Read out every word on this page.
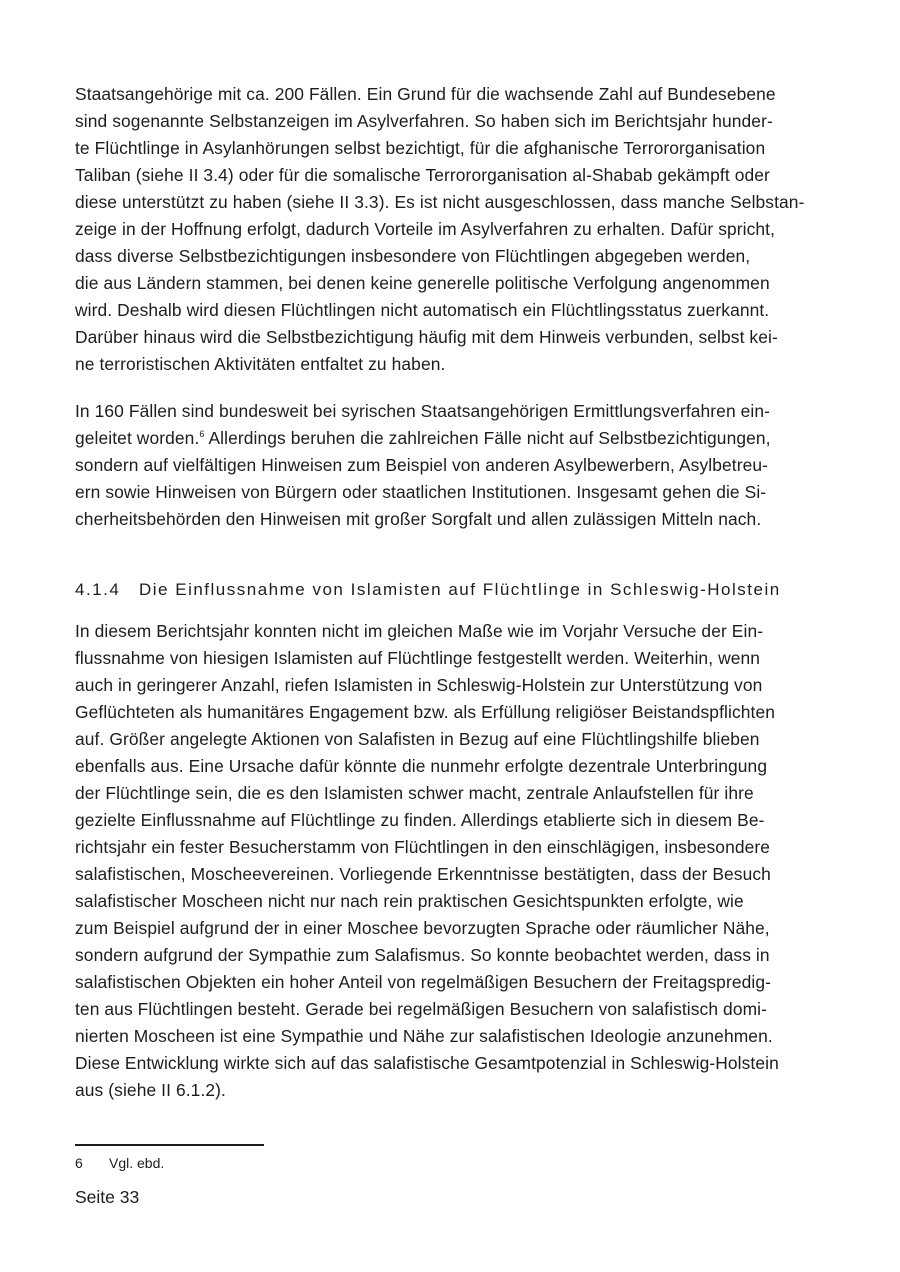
Staatsangehörige mit ca. 200 Fällen. Ein Grund für die wachsende Zahl auf Bundesebene
sind sogenannte Selbstanzeigen im Asylverfahren. So haben sich im Berichtsjahr hunder-
te Flüchtlinge in Asylanhörungen selbst bezichtigt, für die afghanische Terrororganisation
Taliban (siehe II 3.4) oder für die somalische Terrororganisation al-Shabab gekämpft oder
diese unterstützt zu haben (siehe II 3.3). Es ist nicht ausgeschlossen, dass manche Selbstan-
zeige in der Hoffnung erfolgt, dadurch Vorteile im Asylverfahren zu erhalten. Dafür spricht,
dass diverse Selbstbezichtigungen insbesondere von Flüchtlingen abgegeben werden,
die aus Ländern stammen, bei denen keine generelle politische Verfolgung angenommen
wird. Deshalb wird diesen Flüchtlingen nicht automatisch ein Flüchtlingsstatus zuerkannt.
Darüber hinaus wird die Selbstbezichtigung häufig mit dem Hinweis verbunden, selbst kei-
ne terroristischen Aktivitäten entfaltet zu haben.
In 160 Fällen sind bundesweit bei syrischen Staatsangehörigen Ermittlungsverfahren ein-
geleitet worden.$^6$ Allerdings beruhen die zahlreichen Fälle nicht auf Selbstbezichtigungen,
sondern auf vielfältigen Hinweisen zum Beispiel von anderen Asylbewerbern, Asylbetreu-
ern sowie Hinweisen von Bürgern oder staatlichen Institutionen. Insgesamt gehen die Si-
cherheitsbehörden den Hinweisen mit großer Sorgfalt und allen zulässigen Mitteln nach.
4.1.4 Die Einflussnahme von Islamisten auf Flüchtlinge in Schleswig-Holstein
In diesem Berichtsjahr konnten nicht im gleichen Maße wie im Vorjahr Versuche der Ein-
flussnahme von hiesigen Islamisten auf Flüchtlinge festgestellt werden. Weiterhin, wenn
auch in geringerer Anzahl, riefen Islamisten in Schleswig-Holstein zur Unterstützung von
Geflüchteten als humanitäres Engagement bzw. als Erfüllung religiöser Beistandspflichten
auf. Größer angelegte Aktionen von Salafisten in Bezug auf eine Flüchtlingshilfe blieben
ebenfalls aus. Eine Ursache dafür könnte die nunmehr erfolgte dezentrale Unterbringung
der Flüchtlinge sein, die es den Islamisten schwer macht, zentrale Anlaufstellen für ihre
gezielte Einflussnahme auf Flüchtlinge zu finden. Allerdings etablierte sich in diesem Be-
richtsjahr ein fester Besucherstamm von Flüchtlingen in den einschlägigen, insbesondere
salafistischen, Moscheevereinen. Vorliegende Erkenntnisse bestätigten, dass der Besuch
salafistischer Moscheen nicht nur nach rein praktischen Gesichtspunkten erfolgte, wie
zum Beispiel aufgrund der in einer Moschee bevorzugten Sprache oder räumlicher Nähe,
sondern aufgrund der Sympathie zum Salafismus. So konnte beobachtet werden, dass in
salafistischen Objekten ein hoher Anteil von regelmäßigen Besuchern der Freitagspredig-
ten aus Flüchtlingen besteht. Gerade bei regelmäßigen Besuchern von salafistisch domi-
nierten Moscheen ist eine Sympathie und Nähe zur salafistischen Ideologie anzunehmen.
Diese Entwicklung wirkte sich auf das salafistische Gesamtpotenzial in Schleswig-Holstein
aus (siehe II 6.1.2).
6 Vgl. ebd.
Seite 33
